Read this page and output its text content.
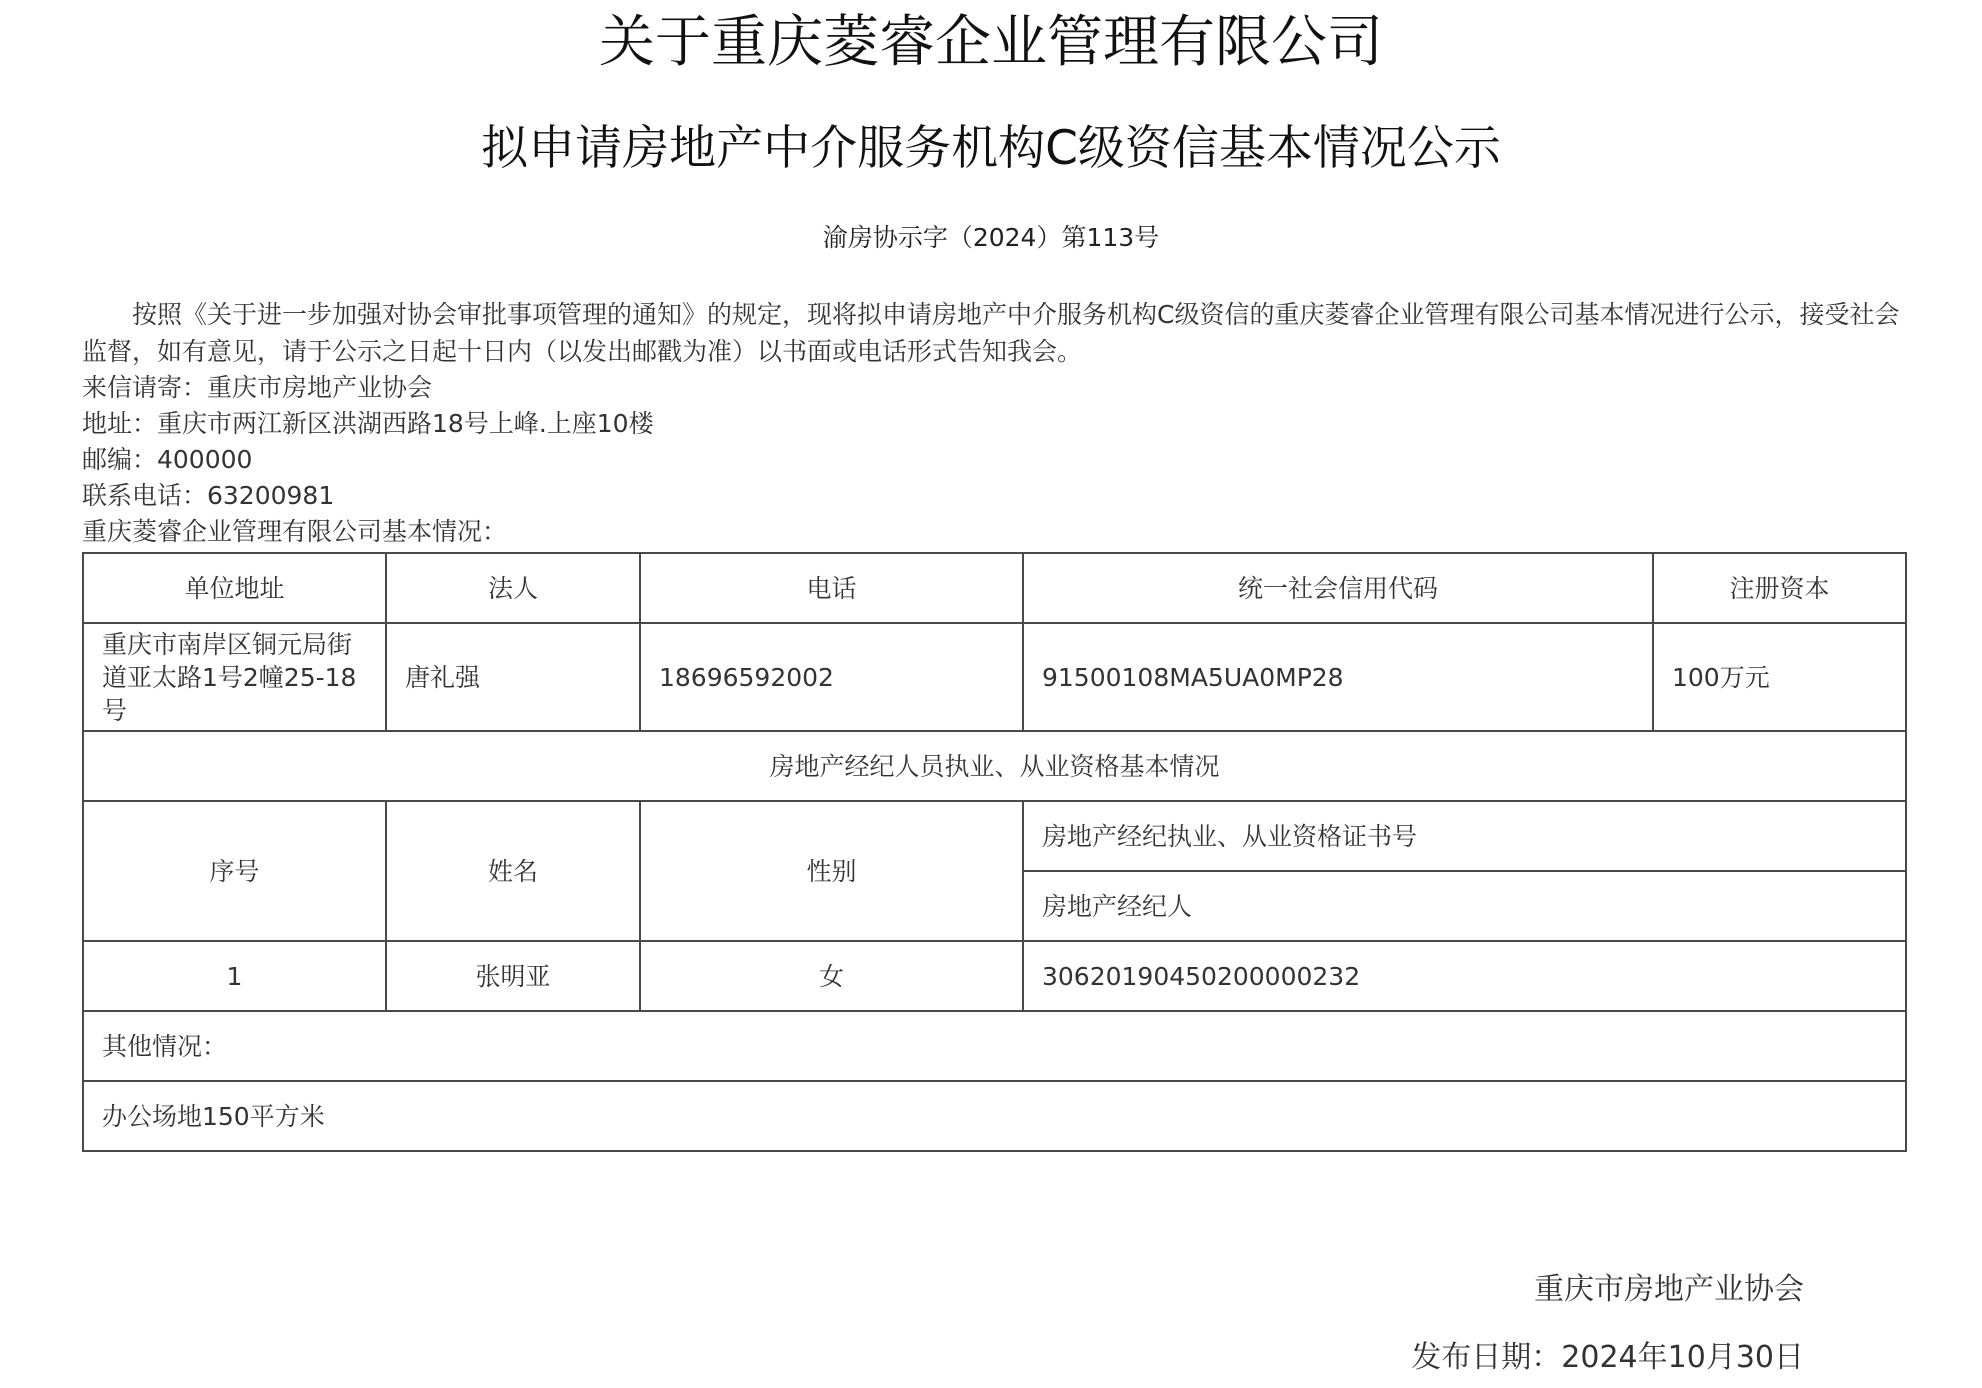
关于重庆菱睿企业管理有限公司
拟申请房地产中介服务机构C级资信基本情况公示
渝房协示字（2024）第113号
按照《关于进一步加强对协会审批事项管理的通知》的规定，现将拟申请房地产中介服务机构C级资信的重庆菱睿企业管理有限公司基本情况进行公示，接受社会监督，如有意见，请于公示之日起十日内（以发出邮戳为准）以书面或电话形式告知我会。
来信请寄：重庆市房地产业协会
地址：重庆市两江新区洪湖西路18号上峰.上座10楼
邮编：400000
联系电话：63200981
重庆菱睿企业管理有限公司基本情况：
单位地址	法人	电话	统一社会信用代码	注册资本
重庆市南岸区铜元局街道亚太路1号2幢25-18号	唐礼强	18696592002	91500108MA5UA0MP28	100万元
房地产经纪人员执业、从业资格基本情况				
序号	姓名	性别	房地产经纪执业、从业资格证书号	
			房地产经纪人	
1	张明亚	女	30620190450200000232	
其他情况：				
办公场地150平方米				
重庆市房地产业协会
发布日期：2024年10月30日
